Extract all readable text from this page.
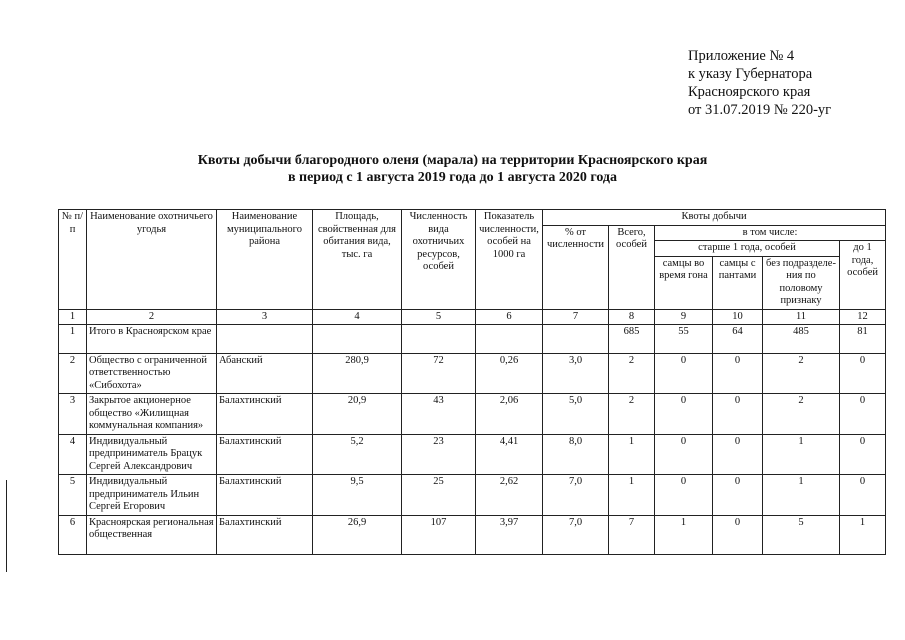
Приложение № 4
к указу Губернатора
Красноярского края
от 31.07.2019 № 220-уг
Квоты добычи благородного оленя (марала) на территории Красноярского края
в период с 1 августа 2019 года до 1 августа 2020 года
№ п/п	Наименование охотничьего угодья	Наименование муниципального района	Площадь, свойственная для обитания вида, тыс. га	Численность вида охотничьих ресурсов, особей	Показатель численности, особей на 1000 га	Квоты добычи					
						% от численности	Всего, особей	в том числе:			
								старше 1 года, особей			до 1 года, особей
								самцы во время гона	самцы с пантами	без подразделе-ния по половому признаку	
1	2	3	4	5	6	7	8	9	10	11	12
1	Итого в Красноярском крае						685	55	64	485	81
2	Общество с ограниченной ответственностью «Сибохота»	Абанский	280,9	72	0,26	3,0	2	0	0	2	0
3	Закрытое акционерное общество «Жилищная коммунальная компания»	Балахтинский	20,9	43	2,06	5,0	2	0	0	2	0
4	Индивидуальный предприниматель Брацук Сергей Александрович	Балахтинский	5,2	23	4,41	8,0	1	0	0	1	0
5	Индивидуальный предприниматель Ильин Сергей Егорович	Балахтинский	9,5	25	2,62	7,0	1	0	0	1	0
6	Красноярская региональная общественная	Балахтинский	26,9	107	3,97	7,0	7	1	0	5	1
